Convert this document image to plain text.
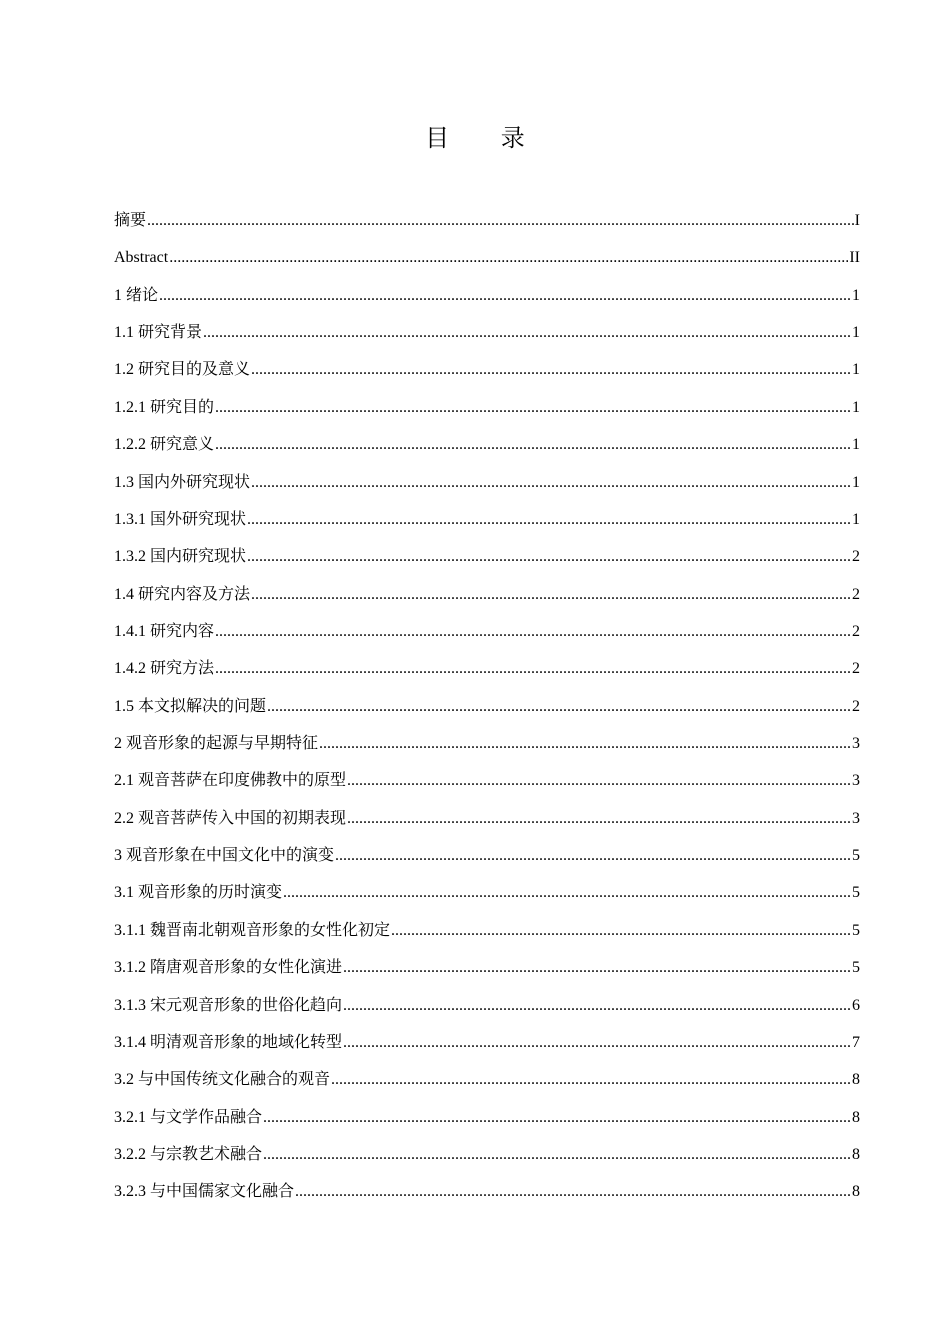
目 录
摘要 .....	I
Abstract .....	II
1 绪论 .....	1
1.1 研究背景 .....	1
1.2 研究目的及意义 .....	1
1.2.1 研究目的 .....	1
1.2.2 研究意义 .....	1
1.3 国内外研究现状 .....	1
1.3.1 国外研究现状 .....	1
1.3.2 国内研究现状 .....	2
1.4 研究内容及方法 .....	2
1.4.1 研究内容 .....	2
1.4.2 研究方法 .....	2
1.5 本文拟解决的问题 .....	2
2 观音形象的起源与早期特征 .....	3
2.1 观音菩萨在印度佛教中的原型 .....	3
2.2 观音菩萨传入中国的初期表现 .....	3
3 观音形象在中国文化中的演变 .....	5
3.1 观音形象的历时演变 .....	5
3.1.1 魏晋南北朝观音形象的女性化初定 .....	5
3.1.2 隋唐观音形象的女性化演进 .....	5
3.1.3 宋元观音形象的世俗化趋向 .....	6
3.1.4 明清观音形象的地域化转型 .....	7
3.2 与中国传统文化融合的观音 .....	8
3.2.1 与文学作品融合 .....	8
3.2.2 与宗教艺术融合 .....	8
3.2.3 与中国儒家文化融合 .....	8
